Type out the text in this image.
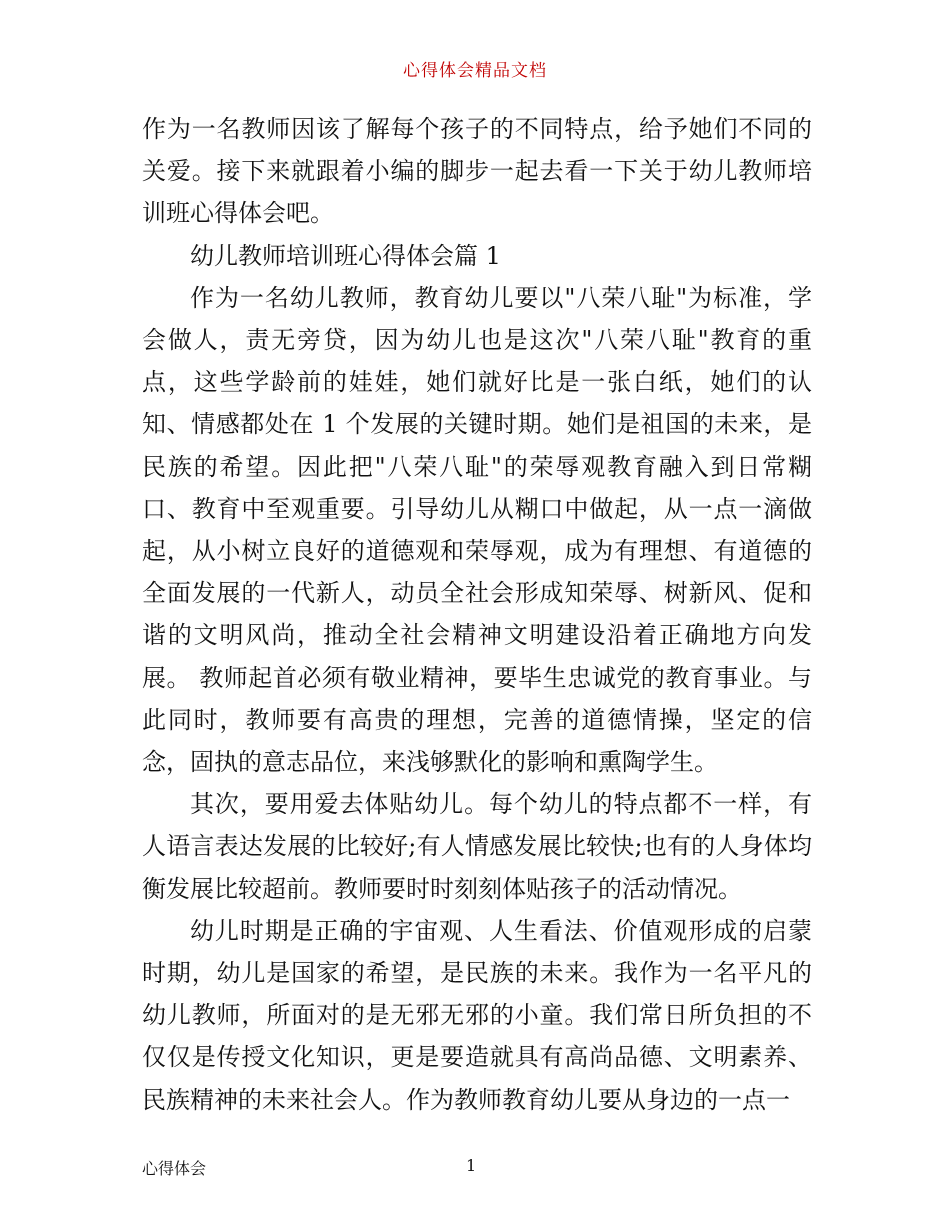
心得体会精品文档

作为一名教师因该了解每个孩子的不同特点，给予她们不同的关爱。接下来就跟着小编的脚步一起去看一下关于幼儿教师培训班心得体会吧。

幼儿教师培训班心得体会篇 1

作为一名幼儿教师，教育幼儿要以"八荣八耻"为标准，学会做人，责无旁贷，因为幼儿也是这次"八荣八耻"教育的重点，这些学龄前的娃娃，她们就好比是一张白纸，她们的认知、情感都处在 1 个发展的关键时期。她们是祖国的未来，是民族的希望。因此把"八荣八耻"的荣辱观教育融入到日常糊口、教育中至观重要。引导幼儿从糊口中做起，从一点一滴做起，从小树立良好的道德观和荣辱观，成为有理想、有道德的全面发展的一代新人，动员全社会形成知荣辱、树新风、促和谐的文明风尚，推动全社会精神文明建设沿着正确地方向发展。 教师起首必须有敬业精神，要毕生忠诚党的教育事业。与此同时，教师要有高贵的理想，完善的道德情操，坚定的信念，固执的意志品位，来浅够默化的影响和熏陶学生。

其次，要用爱去体贴幼儿。每个幼儿的特点都不一样，有人语言表达发展的比较好;有人情感发展比较快;也有的人身体均衡发展比较超前。教师要时时刻刻体贴孩子的活动情况。

幼儿时期是正确的宇宙观、人生看法、价值观形成的启蒙时期，幼儿是国家的希望，是民族的未来。我作为一名平凡的幼儿教师，所面对的是无邪无邪的小童。我们常日所负担的不仅仅是传授文化知识，更是要造就具有高尚品德、文明素养、民族精神的未来社会人。作为教师教育幼儿要从身边的一点一

心得体会	1
